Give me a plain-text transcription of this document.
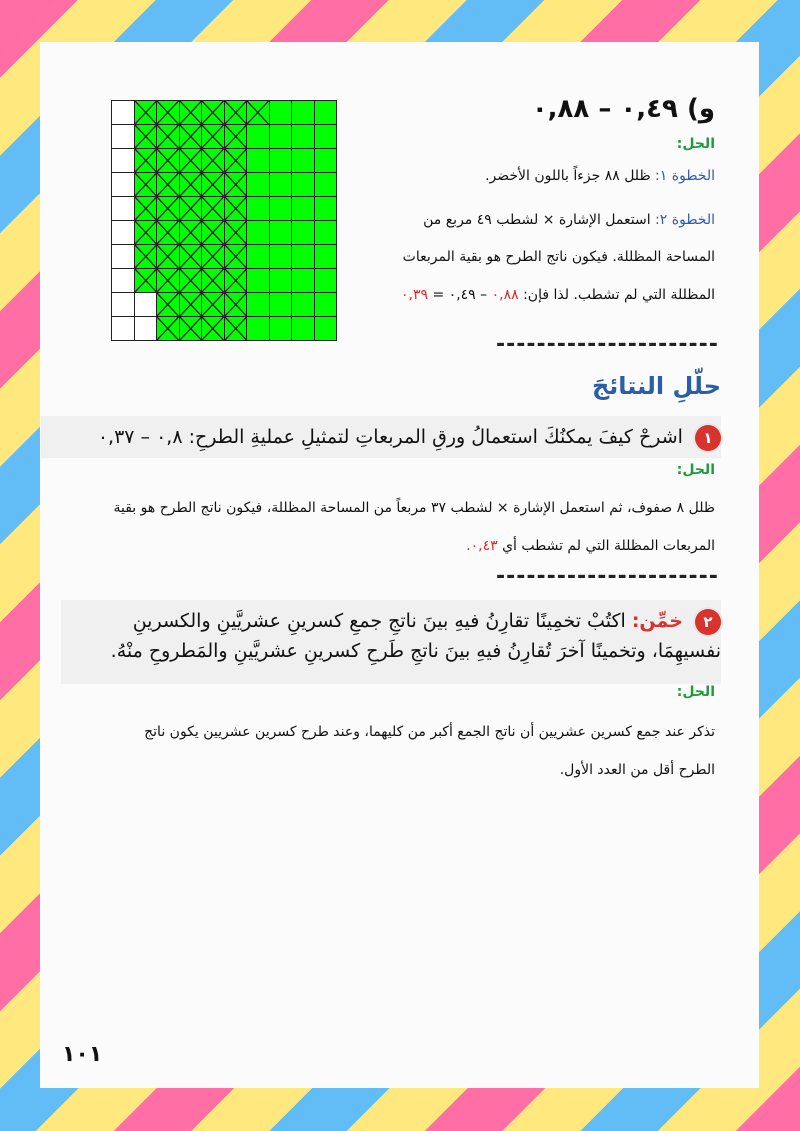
و) ٠,٤٩ – ٠,٨٨
الحل:
الخطوة ١: ظلل ٨٨ جزءاً باللون الأخضر.
الخطوة ٢: استعمل الإشارة × لشطب ٤٩ مربع من
المساحة المظللة. فيكون ناتج الطرح هو بقية المربعات
المظللة التي لم تشطب. لذا فإن: ٠,٨٨ – ٠,٤٩ = ٠,٣٩
----------------------
حلّلِ النتائجَ
١ اشرحْ كيفَ يمكنُكَ استعمالُ ورقِ المربعاتِ لتمثيلِ عمليةِ الطرحِ: ٠,٨ – ٠,٣٧
الحل:
ظلل ٨ صفوف، ثم استعمل الإشارة × لشطب ٣٧ مربعاً من المساحة المظللة، فيكون ناتج الطرح هو بقية
المربعات المظللة التي لم تشطب أي ٠,٤٣.
----------------------
٢ خمِّن: اكتُبْ تخمِينًا تقارِنُ فيهِ بينَ ناتجِ جمعِ كسرينِ عشريَّينِ والكسرينِ
نفسيهِمَا، وتخمينًا آخرَ تُقارِنُ فيهِ بينَ ناتجِ طَرحِ كسرينِ عشريَّينِ والمَطروحِ منْهُ.
الحل:
تذكر عند جمع كسرين عشريين أن ناتج الجمع أكبر من كليهما، وعند طرح كسرين عشريين يكون ناتج
الطرح أقل من العدد الأول.
١٠١
